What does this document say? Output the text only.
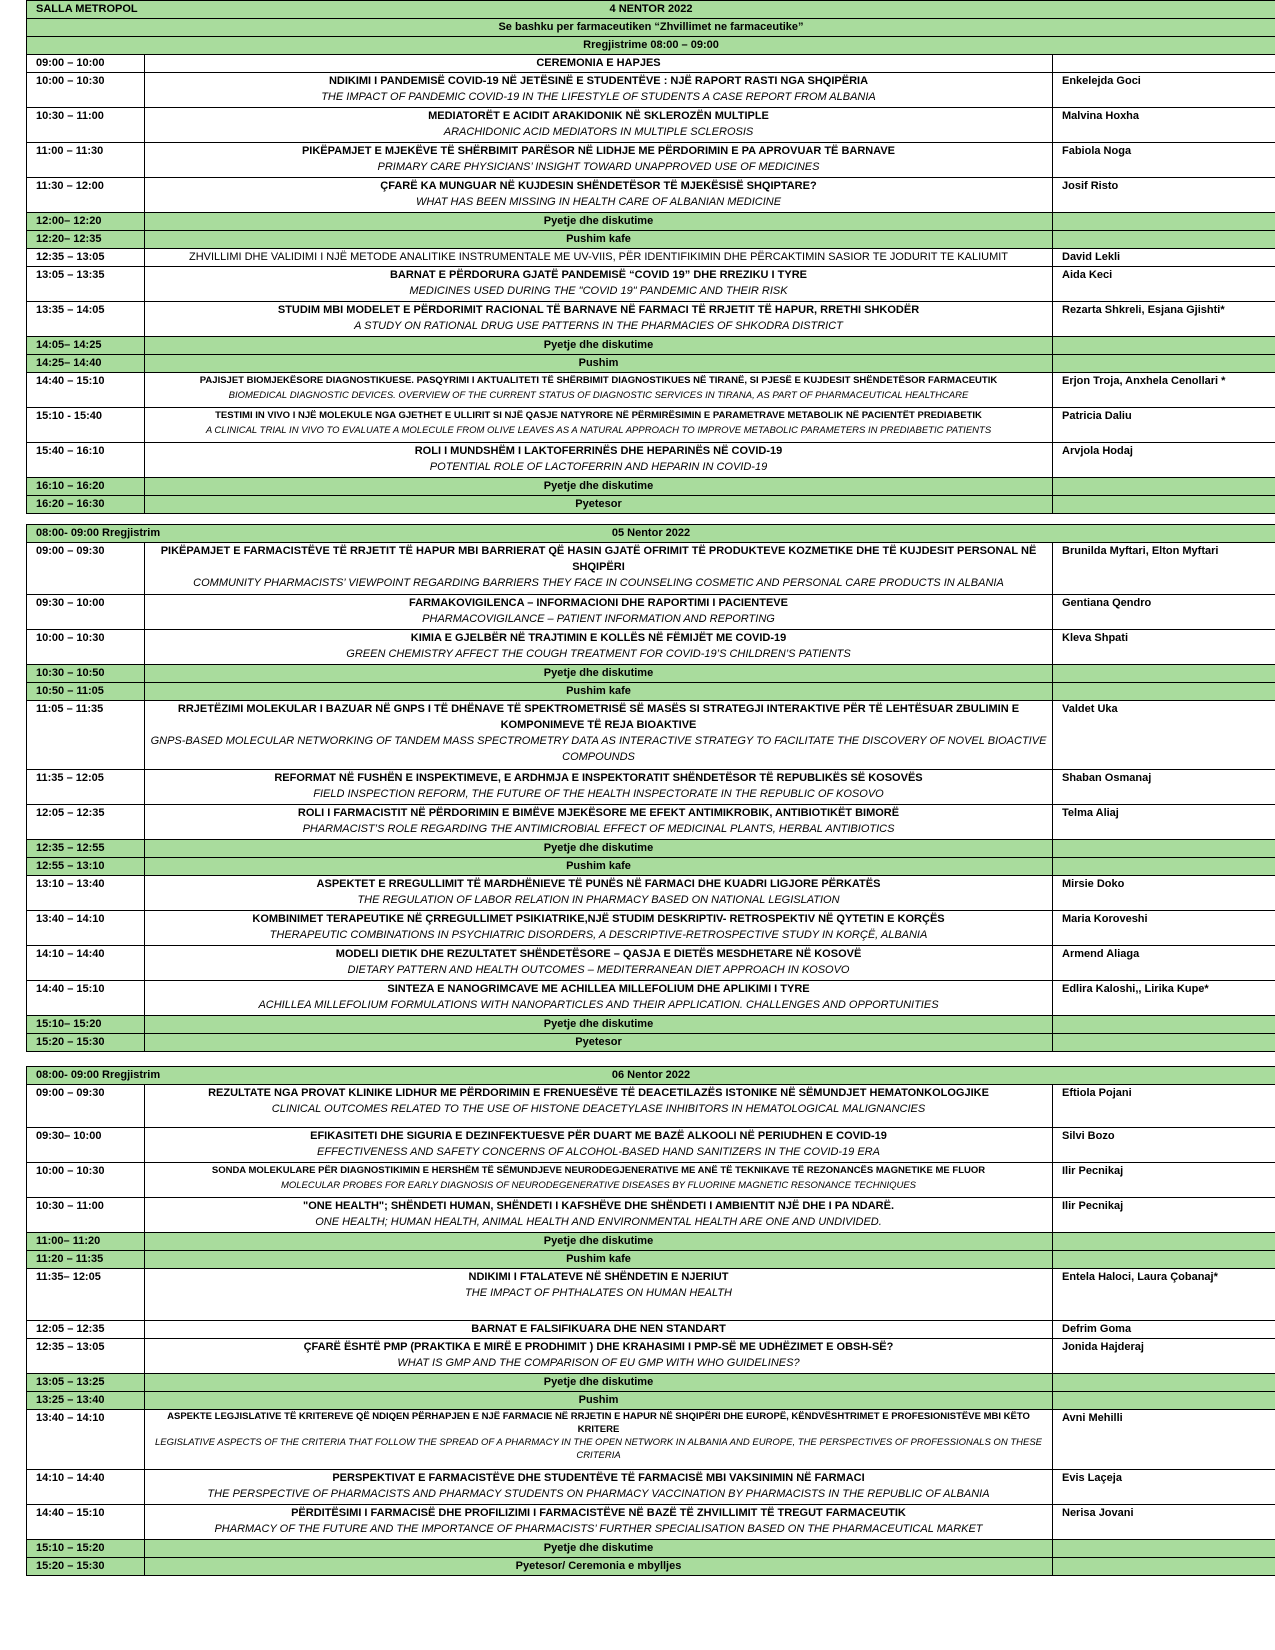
SALLA METROPOL 4 NENTOR 2022		

Se bashku per farmaceutiken “Zhvillimet ne farmaceutike”		
Rregjistrime 08:00 – 09:00		
09:00 – 10:00	CEREMONIA E HAPJES	

10:00 – 10:30	NDIKIMI I PANDEMISË COVID-19 NË JETËSINË E STUDENTËVE : NJË RAPORT RASTI NGA SHQIPËRIA
THE IMPACT OF PANDEMIC COVID-19 IN THE LIFESTYLE OF STUDENTS A CASE REPORT FROM ALBANIA	Enkelejda Goci
10:30 – 11:00	MEDIATORËT E ACIDIT ARAKIDONIK NË SKLEROZËN MULTIPLE
ARACHIDONIC ACID MEDIATORS IN MULTIPLE SCLEROSIS	Malvina Hoxha
11:00 – 11:30	PIKËPAMJET E MJEKËVE TË SHËRBIMIT PARËSOR NË LIDHJE ME PËRDORIMIN E PA APROVUAR TË BARNAVE
PRIMARY CARE PHYSICIANS’ INSIGHT TOWARD UNAPPROVED USE OF MEDICINES	Fabiola Noga
11:30 – 12:00	ÇFARË KA MUNGUAR NË KUJDESIN SHËNDETËSOR TË MJEKËSISË SHQIPTARE?
WHAT HAS BEEN MISSING IN HEALTH CARE OF ALBANIAN MEDICINE	Josif Risto
12:00– 12:20	Pyetje dhe diskutime	

12:20– 12:35	Pushim kafe	

12:35 – 13:05	ZHVILLIMI DHE VALIDIMI I NJË METODE ANALITIKE INSTRUMENTALE ME UV-VIIS, PËR IDENTIFIKIMIN DHE PËRCAKTIMIN SASIOR TE JODURIT TE KALIUMIT	David Lekli
13:05 – 13:35	BARNAT E PËRDORURA GJATË PANDEMISË “COVID 19” DHE RREZIKU I TYRE
MEDICINES USED DURING THE "COVID 19" PANDEMIC AND THEIR RISK	Aida Keci
13:35 – 14:05	STUDIM MBI MODELET E PËRDORIMIT RACIONAL TË BARNAVE NË FARMACI TË RRJETIT TË HAPUR, RRETHI SHKODËR
A STUDY ON RATIONAL DRUG USE PATTERNS IN THE PHARMACIES OF SHKODRA DISTRICT	Rezarta Shkreli, Esjana Gjishti*
14:05– 14:25	Pyetje dhe diskutime	

14:25– 14:40	Pushim	

14:40 – 15:10	PAJISJET BIOMJEKËSORE DIAGNOSTIKUESE. PASQYRIMI I AKTUALITETI TË SHËRBIMIT DIAGNOSTIKUES NË TIRANË, SI PJESË E KUJDESIT SHËNDETËSOR FARMACEUTIK
BIOMEDICAL DIAGNOSTIC DEVICES. OVERVIEW OF THE CURRENT STATUS OF DIAGNOSTIC SERVICES IN TIRANA, AS PART OF PHARMACEUTICAL HEALTHCARE	Erjon Troja, Anxhela Cenollari *
15:10 - 15:40	TESTIMI IN VIVO I NJË MOLEKULE NGA GJETHET E ULLIRIT SI NJË QASJE NATYRORE NË PËRMIRËSIMIN E PARAMETRAVE METABOLIK NË PACIENTËT PREDIABETIK
A CLINICAL TRIAL IN VIVO TO EVALUATE A MOLECULE FROM OLIVE LEAVES AS A NATURAL APPROACH TO IMPROVE METABOLIC PARAMETERS IN PREDIABETIC PATIENTS	Patricia Daliu
15:40 – 16:10	ROLI I MUNDSHËM I LAKTOFERRINËS DHE HEPARINËS NË COVID-19
POTENTIAL ROLE OF LACTOFERRIN AND HEPARIN IN COVID-19	Arvjola Hodaj
16:10 – 16:20	Pyetje dhe diskutime	

16:20 – 16:30	Pyetesor	

08:00- 09:00 Rregjistrim 05 Nentor 2022		

09:00 – 09:30	PIKËPAMJET E FARMACISTËVE TË RRJETIT TË HAPUR MBI BARRIERAT QË HASIN GJATË OFRIMIT TË PRODUKTEVE KOZMETIKE DHE TË KUJDESIT PERSONAL NË SHQIPËRI
COMMUNITY PHARMACISTS’ VIEWPOINT REGARDING BARRIERS THEY FACE IN COUNSELING COSMETIC AND PERSONAL CARE PRODUCTS IN ALBANIA	Brunilda Myftari, Elton Myftari
09:30 – 10:00	FARMAKOVIGILENCA – INFORMACIONI DHE RAPORTIMI I PACIENTEVE
PHARMACOVIGILANCE – PATIENT INFORMATION AND REPORTING	Gentiana Qendro
10:00 – 10:30	KIMIA E GJELBËR NË TRAJTIMIN E KOLLËS NË FËMIJËT ME COVID-19
GREEN CHEMISTRY AFFECT THE COUGH TREATMENT FOR COVID-19’S CHILDREN’S PATIENTS	Kleva Shpati
10:30 – 10:50	Pyetje dhe diskutime	

10:50 – 11:05	Pushim kafe	

11:05 – 11:35	RRJETËZIMI MOLEKULAR I BAZUAR NË GNPS I TË DHËNAVE TË SPEKTROMETRISË SË MASËS SI STRATEGJI INTERAKTIVE PËR TË LEHTËSUAR ZBULIMIN E KOMPONIMEVE TË REJA BIOAKTIVE
GNPS-BASED MOLECULAR NETWORKING OF TANDEM MASS SPECTROMETRY DATA AS INTERACTIVE STRATEGY TO FACILITATE THE DISCOVERY OF NOVEL BIOACTIVE COMPOUNDS	Valdet Uka
11:35 – 12:05	REFORMAT NË FUSHËN E INSPEKTIMEVE, E ARDHMJA E INSPEKTORATIT SHËNDETËSOR TË REPUBLIKËS SË KOSOVËS
FIELD INSPECTION REFORM, THE FUTURE OF THE HEALTH INSPECTORATE IN THE REPUBLIC OF KOSOVO	Shaban Osmanaj
12:05 – 12:35	ROLI I FARMACISTIT NË PËRDORIMIN E BIMËVE MJEKËSORE ME EFEKT ANTIMIKROBIK, ANTIBIOTIKËT BIMORË
PHARMACIST’S ROLE REGARDING THE ANTIMICROBIAL EFFECT OF MEDICINAL PLANTS, HERBAL ANTIBIOTICS	Telma Aliaj
12:35 – 12:55	Pyetje dhe diskutime	

12:55 – 13:10	Pushim kafe	

13:10 – 13:40	ASPEKTET E RREGULLIMIT TË MARDHËNIEVE TË PUNËS NË FARMACI DHE KUADRI LIGJORE PËRKATËS
THE REGULATION OF LABOR RELATION IN PHARMACY BASED ON NATIONAL LEGISLATION	Mirsie Doko
13:40 – 14:10	KOMBINIMET TERAPEUTIKE NË ÇRREGULLIMET PSIKIATRIKE,NJË STUDIM DESKRIPTIV- RETROSPEKTIV NË QYTETIN E KORÇËS
THERAPEUTIC COMBINATIONS IN PSYCHIATRIC DISORDERS, A DESCRIPTIVE-RETROSPECTIVE STUDY IN KORÇË, ALBANIA	Maria Koroveshi
14:10 – 14:40	MODELI DIETIK DHE REZULTATET SHËNDETËSORE – QASJA E DIETËS MESDHETARE NË KOSOVË
DIETARY PATTERN AND HEALTH OUTCOMES – MEDITERRANEAN DIET APPROACH IN KOSOVO	Armend Aliaga
14:40 – 15:10	SINTEZA E NANOGRIMCAVE ME ACHILLEA MILLEFOLIUM DHE APLIKIMI I TYRE
ACHILLEA MILLEFOLIUM FORMULATIONS WITH NANOPARTICLES AND THEIR APPLICATION. CHALLENGES AND OPPORTUNITIES	Edlira Kaloshi,, Lirika Kupe*
15:10– 15:20	Pyetje dhe diskutime	

15:20 – 15:30	Pyetesor	

08:00- 09:00 Rregjistrim 06 Nentor 2022		

09:00 – 09:30	REZULTATE NGA PROVAT KLINIKE LIDHUR ME PËRDORIMIN E FRENUESËVE TË DEACETILAZËS ISTONIKE NË SËMUNDJET HEMATONKOLOGJIKE
CLINICAL OUTCOMES RELATED TO THE USE OF HISTONE DEACETYLASE INHIBITORS IN HEMATOLOGICAL MALIGNANCIES	Eftiola Pojani
09:30– 10:00	EFIKASITETI DHE SIGURIA E DEZINFEKTUESVE PËR DUART ME BAZË ALKOOLI NË PERIUDHEN E COVID-19
EFFECTIVENESS AND SAFETY CONCERNS OF ALCOHOL-BASED HAND SANITIZERS IN THE COVID-19 ERA	Silvi Bozo
10:00 – 10:30	SONDA MOLEKULARE PËR DIAGNOSTIKIMIN E HERSHËM TË SËMUNDJEVE NEURODEGJENERATIVE ME ANË TË TEKNIKAVE TË REZONANCËS MAGNETIKE ME FLUOR
MOLECULAR PROBES FOR EARLY DIAGNOSIS OF NEURODEGENERATIVE DISEASES BY FLUORINE MAGNETIC RESONANCE TECHNIQUES	Ilir Pecnikaj
10:30 – 11:00	"ONE HEALTH"; SHËNDETI HUMAN, SHËNDETI I KAFSHËVE DHE SHËNDETI I AMBIENTIT NJË DHE I PA NDARË.
ONE HEALTH; HUMAN HEALTH, ANIMAL HEALTH AND ENVIRONMENTAL HEALTH ARE ONE AND UNDIVIDED.	Ilir Pecnikaj
11:00– 11:20	Pyetje dhe diskutime	

11:20 – 11:35	Pushim kafe	

11:35– 12:05	NDIKIMI I FTALATEVE NË SHËNDETIN E NJERIUT
THE IMPACT OF PHTHALATES ON HUMAN HEALTH	Entela Haloci, Laura Çobanaj*
12:05 – 12:35	BARNAT E FALSIFIKUARA DHE NEN STANDART	Defrim Goma
12:35 – 13:05	ÇFARË ËSHTË PMP (PRAKTIKA E MIRË E PRODHIMIT ) DHE KRAHASIMI I PMP-SË ME UDHËZIMET E OBSH-SË?
WHAT IS GMP AND THE COMPARISON OF EU GMP WITH WHO GUIDELINES?	Jonida Hajderaj
13:05 – 13:25	Pyetje dhe diskutime	

13:25 – 13:40	Pushim	

13:40 – 14:10	ASPEKTE LEGJISLATIVE TË KRITEREVE QË NDIQEN PËRHAPJEN E NJË FARMACIE NË RRJETIN E HAPUR NË SHQIPËRI DHE EUROPË, KËNDVËSHTRIMET E PROFESIONISTËVE MBI KËTO KRITERE
LEGISLATIVE ASPECTS OF THE CRITERIA THAT FOLLOW THE SPREAD OF A PHARMACY IN THE OPEN NETWORK IN ALBANIA AND EUROPE, THE PERSPECTIVES OF PROFESSIONALS ON THESE CRITERIA	Avni Mehilli
14:10 – 14:40	PERSPEKTIVAT E FARMACISTËVE DHE STUDENTËVE TË FARMACISË MBI VAKSINIMIN NË FARMACI
THE PERSPECTIVE OF PHARMACISTS AND PHARMACY STUDENTS ON PHARMACY VACCINATION BY PHARMACISTS IN THE REPUBLIC OF ALBANIA	Evis Laçeja
14:40 – 15:10	PËRDITËSIMI I FARMACISË DHE PROFILIZIMI I FARMACISTËVE NË BAZË TË ZHVILLIMIT TË TREGUT FARMACEUTIK
PHARMACY OF THE FUTURE AND THE IMPORTANCE OF PHARMACISTS’ FURTHER SPECIALISATION BASED ON THE PHARMACEUTICAL MARKET	Nerisa Jovani
15:10 – 15:20	Pyetje dhe diskutime	

15:20 – 15:30	Pyetesor/ Ceremonia e mbylljes	
